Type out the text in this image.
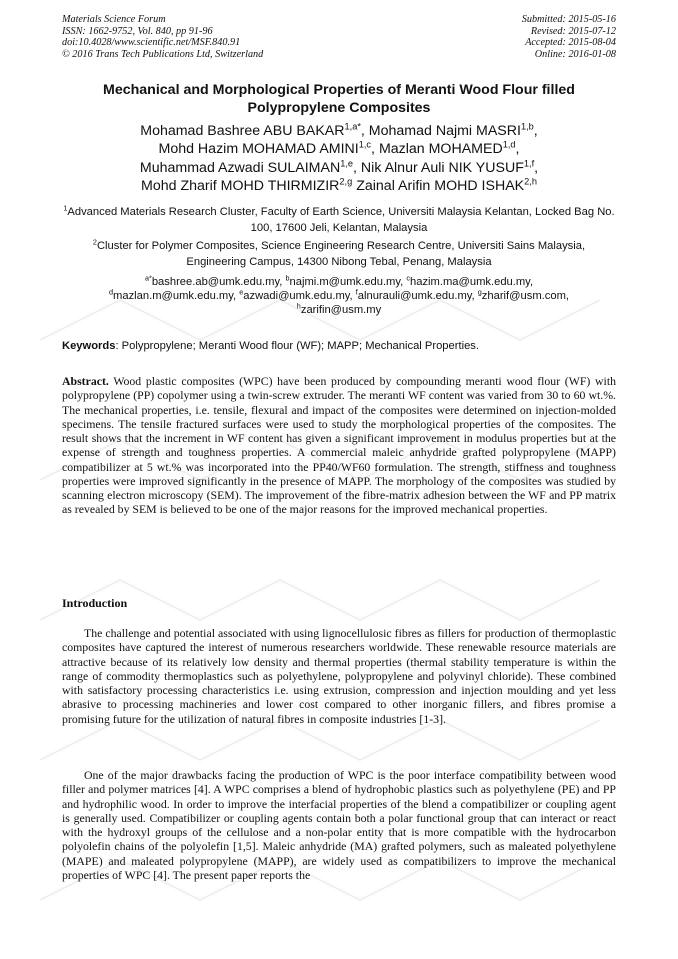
Materials Science Forum
ISSN: 1662-9752, Vol. 840, pp 91-96
doi:10.4028/www.scientific.net/MSF.840.91
© 2016 Trans Tech Publications Ltd, Switzerland
Submitted: 2015-05-16
Revised: 2015-07-12
Accepted: 2015-08-04
Online: 2016-01-08
Mechanical and Morphological Properties of Meranti Wood Flour filled Polypropylene Composites
Mohamad Bashree ABU $BAKAR^{1,a*}$, Mohamad Najmi MASRI$^{1,b}$,
Mohd Hazim MOHAMAD AMINI$^{1,c}$, Mazlan MOHAMED$^{1,d}$,
Muhammad Azwadi SULAIMAN$^{1,e}$, Nik Alnur Auli NIK YUSUF$^{1,f}$,
Mohd Zharif MOHD THIRMIZIR$^{2,g}$ Zainal Arifin MOHD ISHAK$^{2,h}$
$^1$Advanced Materials Research Cluster, Faculty of Earth Science, Universiti Malaysia Kelantan, Locked Bag No. 100, 17600 Jeli, Kelantan, Malaysia
$^2$Cluster for Polymer Composites, Science Engineering Research Centre, Universiti Sains Malaysia, Engineering Campus, 14300 Nibong Tebal, Penang, Malaysia
$^{a*}$bashree.ab@umk.edu.my, $^b$najmi.m@umk.edu.my, $^c$hazim.ma@umk.edu.my,
$^d$mazlan.m@umk.edu.my, $^e$azwadi@umk.edu.my, $^f$alnurauli@umk.edu.my, $^g$zharif@usm.com,
$^h$zarifin@usm.my
Keywords: Polypropylene; Meranti Wood flour (WF); MAPP; Mechanical Properties.
Abstract. Wood plastic composites (WPC) have been produced by compounding meranti wood flour (WF) with polypropylene (PP) copolymer using a twin-screw extruder. The meranti WF content was varied from 30 to 60 wt.%. The mechanical properties, i.e. tensile, flexural and impact of the composites were determined on injection-molded specimens. The tensile fractured surfaces were used to study the morphological properties of the composites. The result shows that the increment in WF content has given a significant improvement in modulus properties but at the expense of strength and toughness properties. A commercial maleic anhydride grafted polypropylene (MAPP) compatibilizer at 5 wt.% was incorporated into the PP40/WF60 formulation. The strength, stiffness and toughness properties were improved significantly in the presence of MAPP. The morphology of the composites was studied by scanning electron microscopy (SEM). The improvement of the fibre-matrix adhesion between the WF and PP matrix as revealed by SEM is believed to be one of the major reasons for the improved mechanical properties.
Introduction
The challenge and potential associated with using lignocellulosic fibres as fillers for production of thermoplastic composites have captured the interest of numerous researchers worldwide. These renewable resource materials are attractive because of its relatively low density and thermal properties (thermal stability temperature is within the range of commodity thermoplastics such as polyethylene, polypropylene and polyvinyl chloride). These combined with satisfactory processing characteristics i.e. using extrusion, compression and injection moulding and yet less abrasive to processing machineries and lower cost compared to other inorganic fillers, and fibres promise a promising future for the utilization of natural fibres in composite industries [1-3].
One of the major drawbacks facing the production of WPC is the poor interface compatibility between wood filler and polymer matrices [4]. A WPC comprises a blend of hydrophobic plastics such as polyethylene (PE) and PP and hydrophilic wood. In order to improve the interfacial properties of the blend a compatibilizer or coupling agent is generally used. Compatibilizer or coupling agents contain both a polar functional group that can interact or react with the hydroxyl groups of the cellulose and a non-polar entity that is more compatible with the hydrocarbon polyolefin chains of the polyolefin [1,5]. Maleic anhydride (MA) grafted polymers, such as maleated polyethylene (MAPE) and maleated polypropylene (MAPP), are widely used as compatibilizers to improve the mechanical properties of WPC [4]. The present paper reports the
